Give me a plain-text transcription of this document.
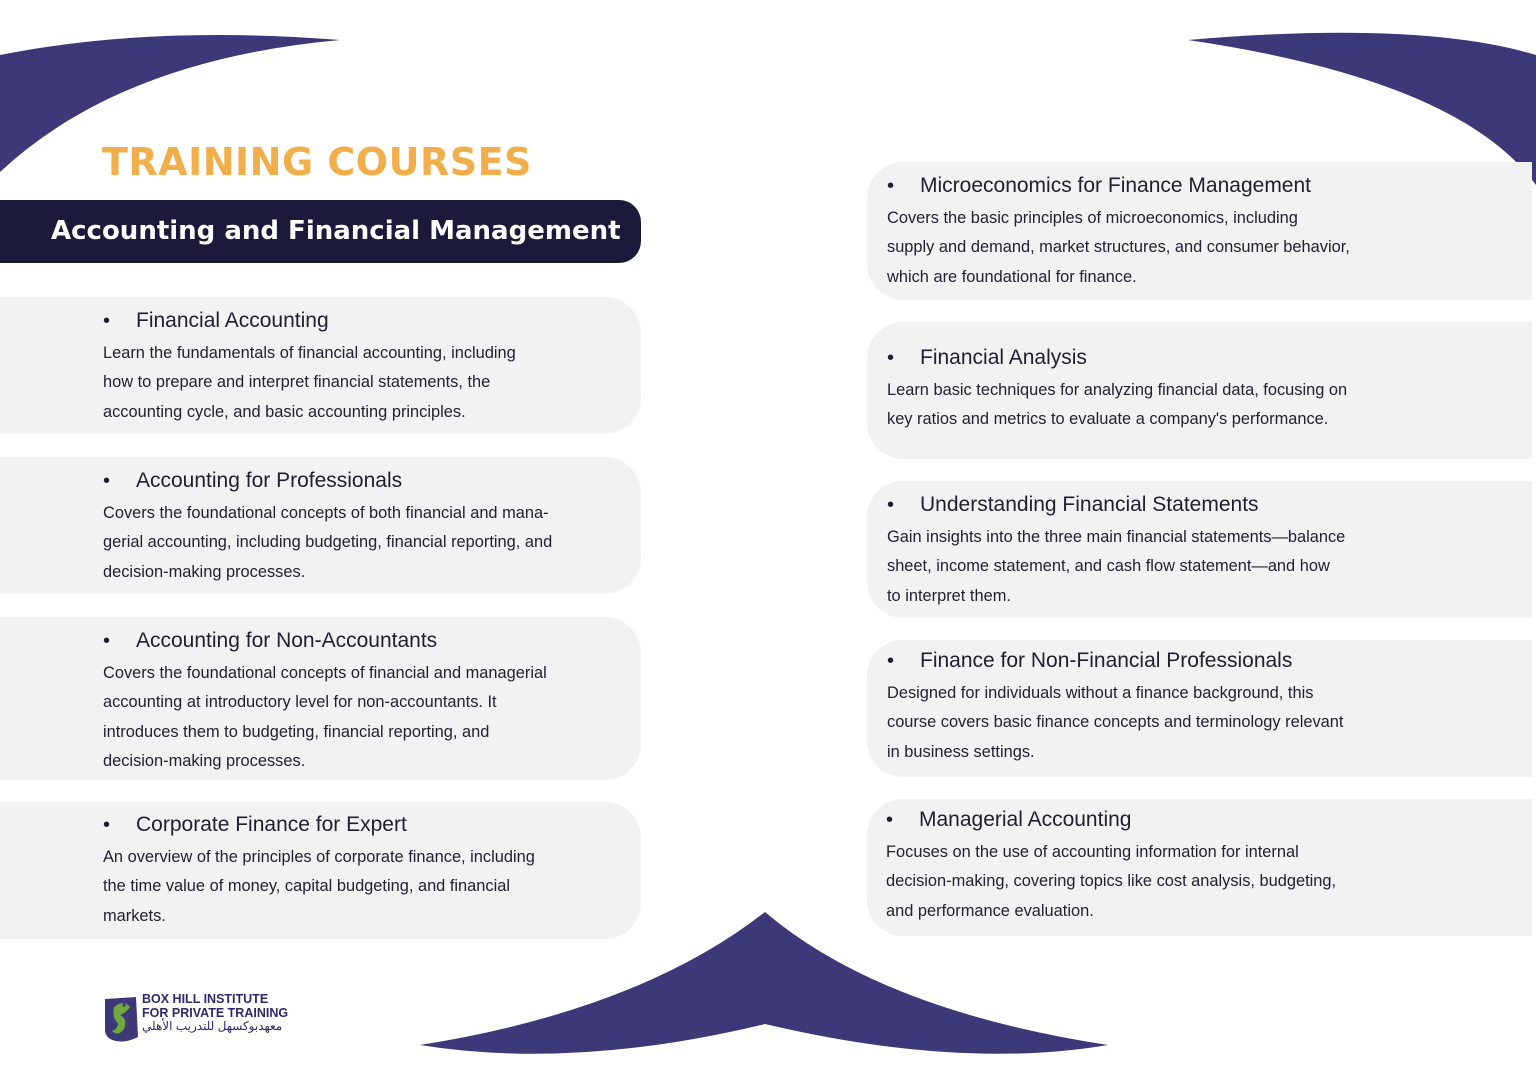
TRAINING COURSES
Accounting and Financial Management
•	Financial Accounting

Learn the fundamentals of financial accounting, including
how to prepare and interpret financial statements, the
accounting cycle, and basic accounting principles.

•	Accounting for Professionals

Covers the foundational concepts of both financial and mana-
gerial accounting, including budgeting, financial reporting, and
decision-making processes.

•	Accounting for Non-Accountants

Covers the foundational concepts of financial and managerial
accounting at introductory level for non-accountants. It
introduces them to budgeting, financial reporting, and
decision-making processes.

•	Corporate Finance for Expert

An overview of the principles of corporate finance, including
the time value of money, capital budgeting, and financial
markets.

•	Microeconomics for Finance Management

Covers the basic principles of microeconomics, including
supply and demand, market structures, and consumer behavior,
which are foundational for finance.

•	Financial Analysis

Learn basic techniques for analyzing financial data, focusing on
key ratios and metrics to evaluate a company's performance.

•	Understanding Financial Statements

Gain insights into the three main financial statements—balance
sheet, income statement, and cash flow statement—and how
to interpret them.

•	Finance for Non-Financial Professionals

Designed for individuals without a finance background, this
course covers basic finance concepts and terminology relevant
in business settings.

•	Managerial Accounting

Focuses on the use of accounting information for internal
decision-making, covering topics like cost analysis, budgeting,
and performance evaluation.

BOX HILL INSTITUTE
FOR PRIVATE TRAINING
معهدبوكسهل للتدريب الأهلي
